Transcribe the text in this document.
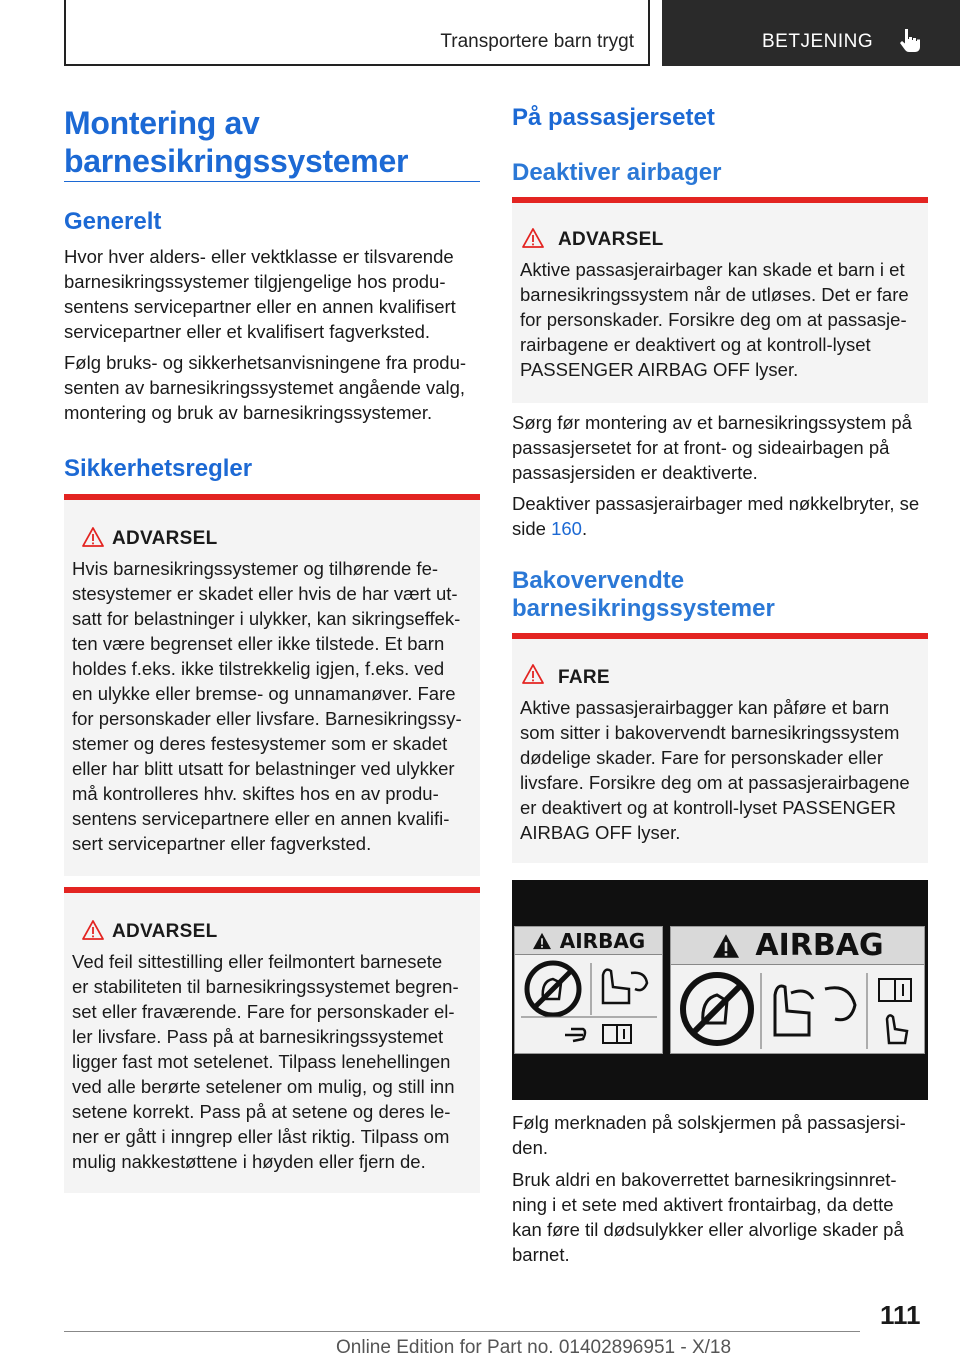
Transportere barn trygt	BETJENING
Montering av
barnesikringssystemer
Generelt

Hvor hver alders- eller vektklasse er tilsvarende
barnesikringssystemer tilgjengelige hos produ-
sentens servicepartner eller en annen kvalifisert
servicepartner eller et kvalifisert fagverksted.

Følg bruks- og sikkerhetsanvisningene fra produ-
senten av barnesikringssystemet angående valg,
montering og bruk av barnesikringssystemer.

Sikkerhetsregler
ADVARSEL

Hvis barnesikringssystemer og tilhørende fe-
stesystemer er skadet eller hvis de har vært ut-
satt for belastninger i ulykker, kan sikringseffek-
ten være begrenset eller ikke tilstede. Et barn
holdes f.eks. ikke tilstrekkelig igjen, f.eks. ved
en ulykke eller bremse- og unnamanøver. Fare
for personskader eller livsfare. Barnesikringssy-
stemer og deres festesystemer som er skadet
eller har blitt utsatt for belastninger ved ulykker
må kontrolleres hhv. skiftes hos en av produ-
sentens servicepartnere eller en annen kvalifi-
sert servicepartner eller fagverksted.

ADVARSEL

Ved feil sittestilling eller feilmontert barnesete
er stabiliteten til barnesikringssystemet begren-
set eller fraværende. Fare for personskader el-
ler livsfare. Pass på at barnesikringssystemet
ligger fast mot setelenet. Tilpass lenehellingen
ved alle berørte setelener om mulig, og still inn
setene korrekt. Pass på at setene og deres le-
ner er gått i inngrep eller låst riktig. Tilpass om
mulig nakkestøttene i høyden eller fjern de.

På passasjersetet
Deaktiver airbager
ADVARSEL

Aktive passasjerairbager kan skade et barn i et
barnesikringssystem når de utløses. Det er fare
for personskader. Forsikre deg om at passasje-
rairbagene er deaktivert og at kontroll-lyset
PASSENGER AIRBAG OFF lyser.

Sørg før montering av et barnesikringssystem på
passasjersetet for at front- og sideairbagen på
passasjersiden er deaktiverte.

Deaktiver passasjerairbager med nøkkelbryter, se
side 160.

Bakovervendte
barnesikringssystemer
FARE

Aktive passasjerairbagger kan påføre et barn
som sitter i bakovervendt barnesikringssystem
dødelige skader. Fare for personskader eller
livsfare. Forsikre deg om at passasjerairbagene
er deaktivert og at kontroll-lyset PASSENGER
AIRBAG OFF lyser.

AIRBAG	AIRBAG

Følg merknaden på solskjermen på passasjersi-
den.

Bruk aldri en bakoverrettet barnesikringsinnret-
ning i et sete med aktivert frontairbag, da dette
kan føre til dødsulykker eller alvorlige skader på
barnet.

111
Online Edition for Part no. 01402896951 - X/18
